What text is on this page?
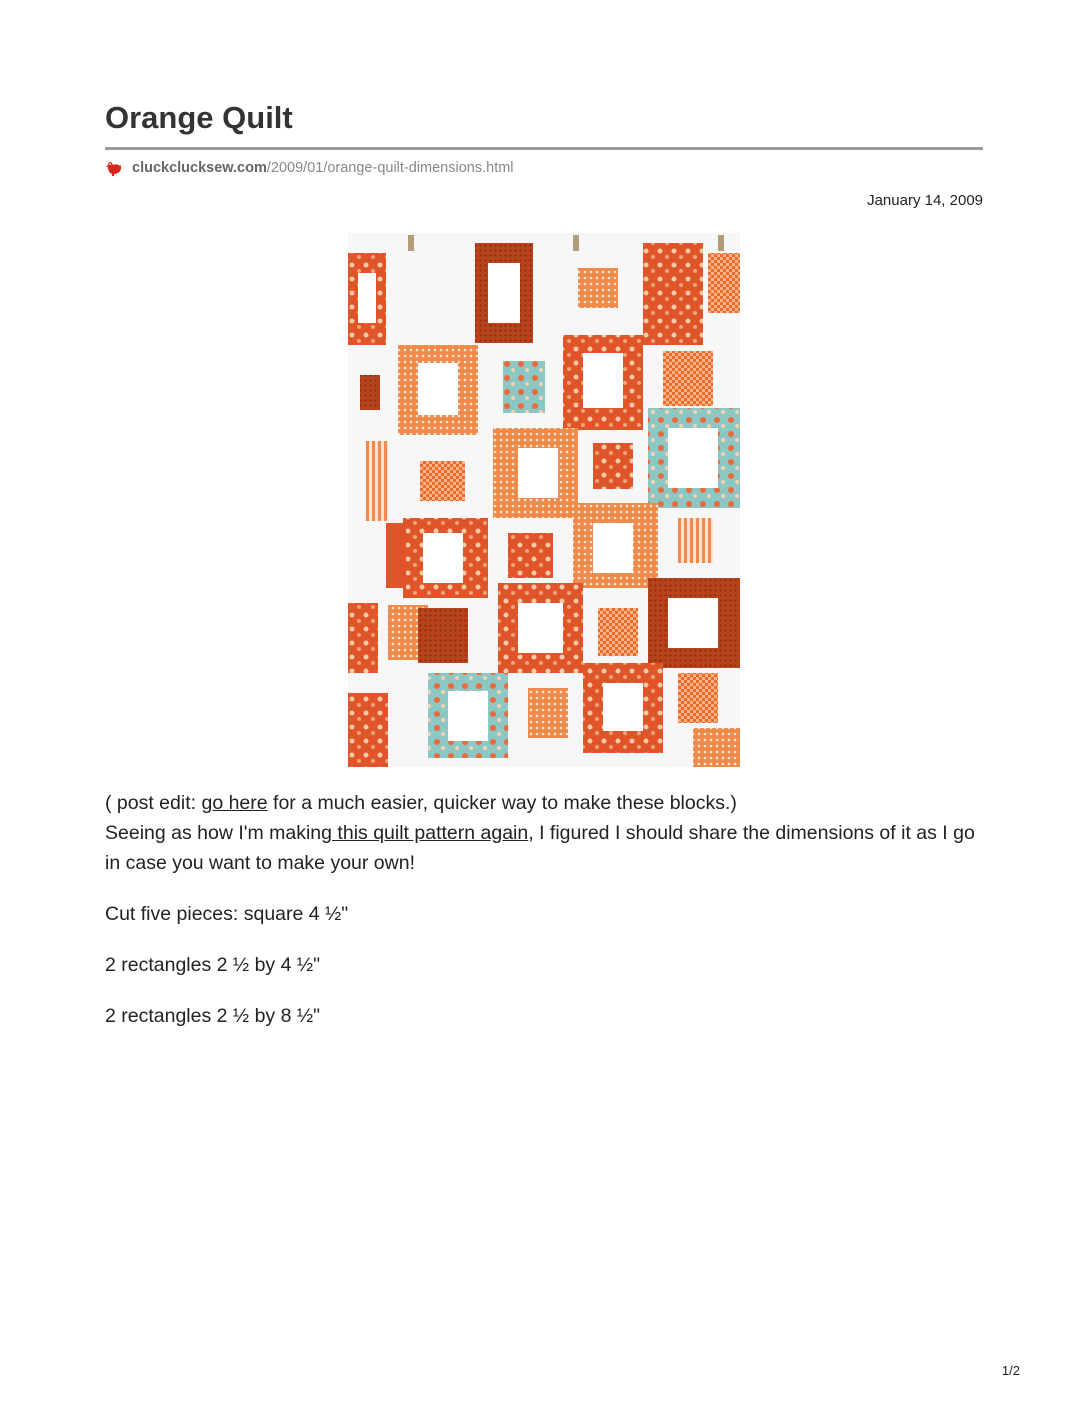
Orange Quilt
cluckclucksew.com /2009/01/orange-quilt-dimensions.html
January 14, 2009

( post edit: go here for a much easier, quicker way to make these blocks.)

Seeing as how I'm making this quilt pattern again, I figured I should share the dimensions of it as I go in case you want to make your own!

Cut five pieces: square 4 ½"

2 rectangles 2 ½ by 4 ½"

2 rectangles 2 ½ by 8 ½"

1/2
